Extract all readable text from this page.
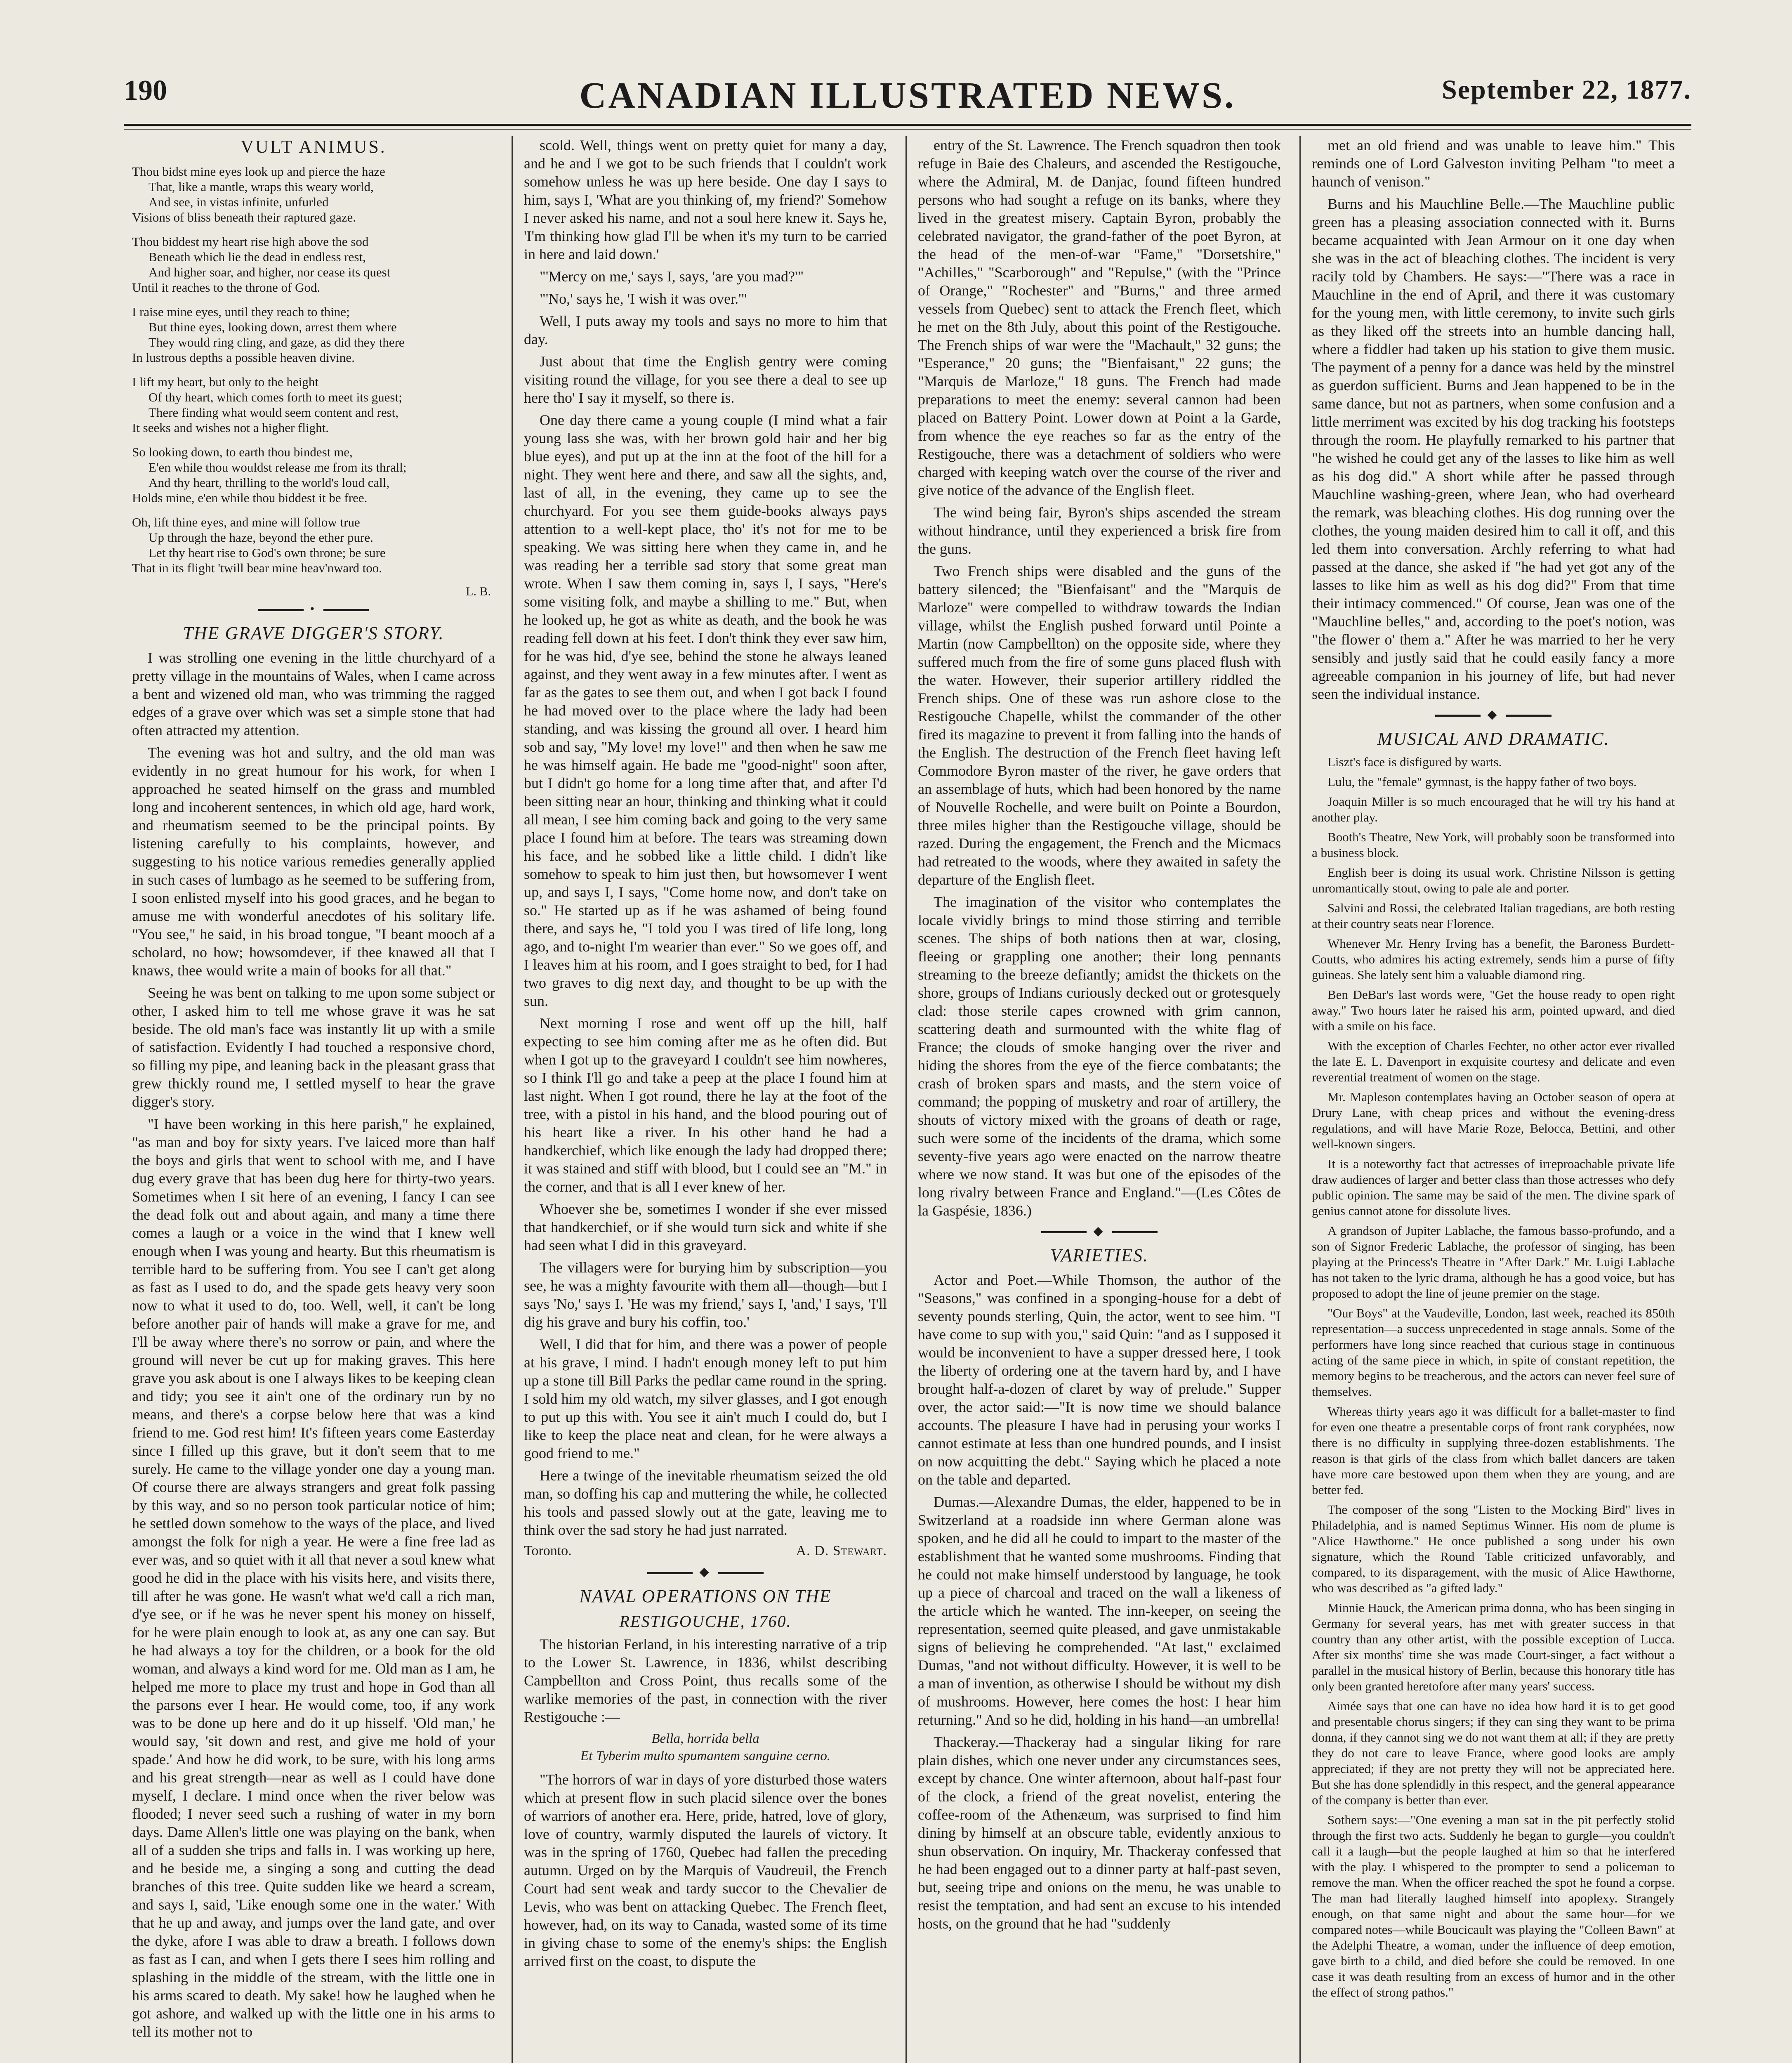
190	CANADIAN ILLUSTRATED NEWS.	September 22, 1877.
VULT ANIMUS.
Thou bidst mine eyes look up and pierce the haze
That, like a mantle, wraps this weary world,
And see, in vistas infinite, unfurled
Visions of bliss beneath their raptured gaze.
Thou biddest my heart rise high above the sod
Beneath which lie the dead in endless rest,
And higher soar, and higher, nor cease its quest
Until it reaches to the throne of God.
I raise mine eyes, until they reach to thine;
But thine eyes, looking down, arrest them where
They would ring cling, and gaze, as did they there
In lustrous depths a possible heaven divine.
I lift my heart, but only to the height
Of thy heart, which comes forth to meet its guest;
There finding what would seem content and rest,
It seeks and wishes not a higher flight.
So looking down, to earth thou bindest me,
E'en while thou wouldst release me from its thrall;
And thy heart, thrilling to the world's loud call,
Holds mine, e'en while thou biddest it be free.
Oh, lift thine eyes, and mine will follow true
Up through the haze, beyond the ether pure.
Let thy heart rise to God's own throne; be sure
That in its flight 'twill bear mine heav'nward too.
L. B.
•
THE GRAVE DIGGER'S STORY.

I was strolling one evening in the little churchyard of a pretty village in the mountains of Wales, when I came across a bent and wizened old man, who was trimming the ragged edges of a grave over which was set a simple stone that had often attracted my attention.

The evening was hot and sultry, and the old man was evidently in no great humour for his work, for when I approached he seated himself on the grass and mumbled long and incoherent sentences, in which old age, hard work, and rheumatism seemed to be the principal points. By listening carefully to his complaints, however, and suggesting to his notice various remedies generally applied in such cases of lumbago as he seemed to be suffering from, I soon enlisted myself into his good graces, and he began to amuse me with wonderful anecdotes of his solitary life. "You see," he said, in his broad tongue, "I beant mooch af a scholard, no how; howsomdever, if thee knawed all that I knaws, thee would write a main of books for all that."

Seeing he was bent on talking to me upon some subject or other, I asked him to tell me whose grave it was he sat beside. The old man's face was instantly lit up with a smile of satisfaction. Evidently I had touched a responsive chord, so filling my pipe, and leaning back in the pleasant grass that grew thickly round me, I settled myself to hear the grave digger's story.

"I have been working in this here parish," he explained, "as man and boy for sixty years. I've laiced more than half the boys and girls that went to school with me, and I have dug every grave that has been dug here for thirty-two years. Sometimes when I sit here of an evening, I fancy I can see the dead folk out and about again, and many a time there comes a laugh or a voice in the wind that I knew well enough when I was young and hearty. But this rheumatism is terrible hard to be suffering from. You see I can't get along as fast as I used to do, and the spade gets heavy very soon now to what it used to do, too. Well, well, it can't be long before another pair of hands will make a grave for me, and I'll be away where there's no sorrow or pain, and where the ground will never be cut up for making graves. This here grave you ask about is one I always likes to be keeping clean and tidy; you see it ain't one of the ordinary run by no means, and there's a corpse below here that was a kind friend to me. God rest him! It's fifteen years come Easterday since I filled up this grave, but it don't seem that to me surely. He came to the village yonder one day a young man. Of course there are always strangers and great folk passing by this way, and so no person took particular notice of him; he settled down somehow to the ways of the place, and lived amongst the folk for nigh a year. He were a fine free lad as ever was, and so quiet with it all that never a soul knew what good he did in the place with his visits here, and visits there, till after he was gone. He wasn't what we'd call a rich man, d'ye see, or if he was he never spent his money on hisself, for he were plain enough to look at, as any one can say. But he had always a toy for the children, or a book for the old woman, and always a kind word for me. Old man as I am, he helped me more to place my trust and hope in God than all the parsons ever I hear. He would come, too, if any work was to be done up here and do it up hisself. 'Old man,' he would say, 'sit down and rest, and give me hold of your spade.' And how he did work, to be sure, with his long arms and his great strength—near as well as I could have done myself, I declare. I mind once when the river below was flooded; I never seed such a rushing of water in my born days. Dame Allen's little one was playing on the bank, when all of a sudden she trips and falls in. I was working up here, and he beside me, a singing a song and cutting the dead branches of this tree. Quite sudden like we heard a scream, and says I, said, 'Like enough some one in the water.' With that he up and away, and jumps over the land gate, and over the dyke, afore I was able to draw a breath. I follows down as fast as I can, and when I gets there I sees him rolling and splashing in the middle of the stream, with the little one in his arms scared to death. My sake! how he laughed when he got ashore, and walked up with the little one in his arms to tell its mother not to

scold. Well, things went on pretty quiet for many a day, and he and I we got to be such friends that I couldn't work somehow unless he was up here beside. One day I says to him, says I, 'What are you thinking of, my friend?' Somehow I never asked his name, and not a soul here knew it. Says he, 'I'm thinking how glad I'll be when it's my turn to be carried in here and laid down.'

"'Mercy on me,' says I, says, 'are you mad?'"

"'No,' says he, 'I wish it was over.'"

Well, I puts away my tools and says no more to him that day.

Just about that time the English gentry were coming visiting round the village, for you see there a deal to see up here tho' I say it myself, so there is.

One day there came a young couple (I mind what a fair young lass she was, with her brown gold hair and her big blue eyes), and put up at the inn at the foot of the hill for a night. They went here and there, and saw all the sights, and, last of all, in the evening, they came up to see the churchyard. For you see them guide-books always pays attention to a well-kept place, tho' it's not for me to be speaking. We was sitting here when they came in, and he was reading her a terrible sad story that some great man wrote. When I saw them coming in, says I, I says, "Here's some visiting folk, and maybe a shilling to me." But, when he looked up, he got as white as death, and the book he was reading fell down at his feet. I don't think they ever saw him, for he was hid, d'ye see, behind the stone he always leaned against, and they went away in a few minutes after. I went as far as the gates to see them out, and when I got back I found he had moved over to the place where the lady had been standing, and was kissing the ground all over. I heard him sob and say, "My love! my love!" and then when he saw me he was himself again. He bade me "good-night" soon after, but I didn't go home for a long time after that, and after I'd been sitting near an hour, thinking and thinking what it could all mean, I see him coming back and going to the very same place I found him at before. The tears was streaming down his face, and he sobbed like a little child. I didn't like somehow to speak to him just then, but howsomever I went up, and says I, I says, "Come home now, and don't take on so." He started up as if he was ashamed of being found there, and says he, "I told you I was tired of life long, long ago, and to-night I'm wearier than ever." So we goes off, and I leaves him at his room, and I goes straight to bed, for I had two graves to dig next day, and thought to be up with the sun.

Next morning I rose and went off up the hill, half expecting to see him coming after me as he often did. But when I got up to the graveyard I couldn't see him nowheres, so I think I'll go and take a peep at the place I found him at last night. When I got round, there he lay at the foot of the tree, with a pistol in his hand, and the blood pouring out of his heart like a river. In his other hand he had a handkerchief, which like enough the lady had dropped there; it was stained and stiff with blood, but I could see an "M." in the corner, and that is all I ever knew of her.

Whoever she be, sometimes I wonder if she ever missed that handkerchief, or if she would turn sick and white if she had seen what I did in this graveyard.

The villagers were for burying him by subscription—you see, he was a mighty favourite with them all—though—but I says 'No,' says I. 'He was my friend,' says I, 'and,' I says, 'I'll dig his grave and bury his coffin, too.'

Well, I did that for him, and there was a power of people at his grave, I mind. I hadn't enough money left to put him up a stone till Bill Parks the pedlar came round in the spring. I sold him my old watch, my silver glasses, and I got enough to put up this with. You see it ain't much I could do, but I like to keep the place neat and clean, for he were always a good friend to me."

Here a twinge of the inevitable rheumatism seized the old man, so doffing his cap and muttering the while, he collected his tools and passed slowly out at the gate, leaving me to think over the sad story he had just narrated.

Toronto.	A. D. Stewart.
◆
NAVAL OPERATIONS ON THE
RESTIGOUCHE, 1760.

The historian Ferland, in his interesting narrative of a trip to the Lower St. Lawrence, in 1836, whilst describing Campbellton and Cross Point, thus recalls some of the warlike memories of the past, in connection with the river Restigouche :—

Bella, horrida bella
Et Tyberim multo spumantem sanguine cerno.

"The horrors of war in days of yore disturbed those waters which at present flow in such placid silence over the bones of warriors of another era. Here, pride, hatred, love of glory, love of country, warmly disputed the laurels of victory. It was in the spring of 1760, Quebec had fallen the preceding autumn. Urged on by the Marquis of Vaudreuil, the French Court had sent weak and tardy succor to the Chevalier de Levis, who was bent on attacking Quebec. The French fleet, however, had, on its way to Canada, wasted some of its time in giving chase to some of the enemy's ships: the English arrived first on the coast, to dispute the

entry of the St. Lawrence. The French squadron then took refuge in Baie des Chaleurs, and ascended the Restigouche, where the Admiral, M. de Danjac, found fifteen hundred persons who had sought a refuge on its banks, where they lived in the greatest misery. Captain Byron, probably the celebrated navigator, the grand-father of the poet Byron, at the head of the men-of-war "Fame," "Dorsetshire," "Achilles," "Scarborough" and "Repulse," (with the "Prince of Orange," "Rochester" and "Burns," and three armed vessels from Quebec) sent to attack the French fleet, which he met on the 8th July, about this point of the Restigouche. The French ships of war were the "Machault," 32 guns; the "Esperance," 20 guns; the "Bienfaisant," 22 guns; the "Marquis de Marloze," 18 guns. The French had made preparations to meet the enemy: several cannon had been placed on Battery Point. Lower down at Point a la Garde, from whence the eye reaches so far as the entry of the Restigouche, there was a detachment of soldiers who were charged with keeping watch over the course of the river and give notice of the advance of the English fleet.

The wind being fair, Byron's ships ascended the stream without hindrance, until they experienced a brisk fire from the guns.

Two French ships were disabled and the guns of the battery silenced; the "Bienfaisant" and the "Marquis de Marloze" were compelled to withdraw towards the Indian village, whilst the English pushed forward until Pointe a Martin (now Campbellton) on the opposite side, where they suffered much from the fire of some guns placed flush with the water. However, their superior artillery riddled the French ships. One of these was run ashore close to the Restigouche Chapelle, whilst the commander of the other fired its magazine to prevent it from falling into the hands of the English. The destruction of the French fleet having left Commodore Byron master of the river, he gave orders that an assemblage of huts, which had been honored by the name of Nouvelle Rochelle, and were built on Pointe a Bourdon, three miles higher than the Restigouche village, should be razed. During the engagement, the French and the Micmacs had retreated to the woods, where they awaited in safety the departure of the English fleet.

The imagination of the visitor who contemplates the locale vividly brings to mind those stirring and terrible scenes. The ships of both nations then at war, closing, fleeing or grappling one another; their long pennants streaming to the breeze defiantly; amidst the thickets on the shore, groups of Indians curiously decked out or grotesquely clad: those sterile capes crowned with grim cannon, scattering death and surmounted with the white flag of France; the clouds of smoke hanging over the river and hiding the shores from the eye of the fierce combatants; the crash of broken spars and masts, and the stern voice of command; the popping of musketry and roar of artillery, the shouts of victory mixed with the groans of death or rage, such were some of the incidents of the drama, which some seventy-five years ago were enacted on the narrow theatre where we now stand. It was but one of the episodes of the long rivalry between France and England."—(Les Côtes de la Gaspésie, 1836.)

◆
VARIETIES.

Actor and Poet.—While Thomson, the author of the "Seasons," was confined in a sponging-house for a debt of seventy pounds sterling, Quin, the actor, went to see him. "I have come to sup with you," said Quin: "and as I supposed it would be inconvenient to have a supper dressed here, I took the liberty of ordering one at the tavern hard by, and I have brought half-a-dozen of claret by way of prelude." Supper over, the actor said:—"It is now time we should balance accounts. The pleasure I have had in perusing your works I cannot estimate at less than one hundred pounds, and I insist on now acquitting the debt." Saying which he placed a note on the table and departed.

Dumas.—Alexandre Dumas, the elder, happened to be in Switzerland at a roadside inn where German alone was spoken, and he did all he could to impart to the master of the establishment that he wanted some mushrooms. Finding that he could not make himself understood by language, he took up a piece of charcoal and traced on the wall a likeness of the article which he wanted. The inn-keeper, on seeing the representation, seemed quite pleased, and gave unmistakable signs of believing he comprehended. "At last," exclaimed Dumas, "and not without difficulty. However, it is well to be a man of invention, as otherwise I should be without my dish of mushrooms. However, here comes the host: I hear him returning." And so he did, holding in his hand—an umbrella!

Thackeray.—Thackeray had a singular liking for rare plain dishes, which one never under any circumstances sees, except by chance. One winter afternoon, about half-past four of the clock, a friend of the great novelist, entering the coffee-room of the Athenæum, was surprised to find him dining by himself at an obscure table, evidently anxious to shun observation. On inquiry, Mr. Thackeray confessed that he had been engaged out to a dinner party at half-past seven, but, seeing tripe and onions on the menu, he was unable to resist the temptation, and had sent an excuse to his intended hosts, on the ground that he had "suddenly

met an old friend and was unable to leave him." This reminds one of Lord Galveston inviting Pelham "to meet a haunch of venison."

Burns and his Mauchline Belle.—The Mauchline public green has a pleasing association connected with it. Burns became acquainted with Jean Armour on it one day when she was in the act of bleaching clothes. The incident is very racily told by Chambers. He says:—"There was a race in Mauchline in the end of April, and there it was customary for the young men, with little ceremony, to invite such girls as they liked off the streets into an humble dancing hall, where a fiddler had taken up his station to give them music. The payment of a penny for a dance was held by the minstrel as guerdon sufficient. Burns and Jean happened to be in the same dance, but not as partners, when some confusion and a little merriment was excited by his dog tracking his footsteps through the room. He playfully remarked to his partner that "he wished he could get any of the lasses to like him as well as his dog did." A short while after he passed through Mauchline washing-green, where Jean, who had overheard the remark, was bleaching clothes. His dog running over the clothes, the young maiden desired him to call it off, and this led them into conversation. Archly referring to what had passed at the dance, she asked if "he had yet got any of the lasses to like him as well as his dog did?" From that time their intimacy commenced." Of course, Jean was one of the "Mauchline belles," and, according to the poet's notion, was "the flower o' them a." After he was married to her he very sensibly and justly said that he could easily fancy a more agreeable companion in his journey of life, but had never seen the individual instance.

◆
MUSICAL AND DRAMATIC.

Liszt's face is disfigured by warts.

Lulu, the "female" gymnast, is the happy father of two boys.

Joaquin Miller is so much encouraged that he will try his hand at another play.

Booth's Theatre, New York, will probably soon be transformed into a business block.

English beer is doing its usual work. Christine Nilsson is getting unromantically stout, owing to pale ale and porter.

Salvini and Rossi, the celebrated Italian tragedians, are both resting at their country seats near Florence.

Whenever Mr. Henry Irving has a benefit, the Baroness Burdett-Coutts, who admires his acting extremely, sends him a purse of fifty guineas. She lately sent him a valuable diamond ring.

Ben DeBar's last words were, "Get the house ready to open right away." Two hours later he raised his arm, pointed upward, and died with a smile on his face.

With the exception of Charles Fechter, no other actor ever rivalled the late E. L. Davenport in exquisite courtesy and delicate and even reverential treatment of women on the stage.

Mr. Mapleson contemplates having an October season of opera at Drury Lane, with cheap prices and without the evening-dress regulations, and will have Marie Roze, Belocca, Bettini, and other well-known singers.

It is a noteworthy fact that actresses of irreproachable private life draw audiences of larger and better class than those actresses who defy public opinion. The same may be said of the men. The divine spark of genius cannot atone for dissolute lives.

A grandson of Jupiter Lablache, the famous basso-profundo, and a son of Signor Frederic Lablache, the professor of singing, has been playing at the Princess's Theatre in "After Dark." Mr. Luigi Lablache has not taken to the lyric drama, although he has a good voice, but has proposed to adopt the line of jeune premier on the stage.

"Our Boys" at the Vaudeville, London, last week, reached its 850th representation—a success unprecedented in stage annals. Some of the performers have long since reached that curious stage in continuous acting of the same piece in which, in spite of constant repetition, the memory begins to be treacherous, and the actors can never feel sure of themselves.

Whereas thirty years ago it was difficult for a ballet-master to find for even one theatre a presentable corps of front rank coryphées, now there is no difficulty in supplying three-dozen establishments. The reason is that girls of the class from which ballet dancers are taken have more care bestowed upon them when they are young, and are better fed.

The composer of the song "Listen to the Mocking Bird" lives in Philadelphia, and is named Septimus Winner. His nom de plume is "Alice Hawthorne." He once published a song under his own signature, which the Round Table criticized unfavorably, and compared, to its disparagement, with the music of Alice Hawthorne, who was described as "a gifted lady."

Minnie Hauck, the American prima donna, who has been singing in Germany for several years, has met with greater success in that country than any other artist, with the possible exception of Lucca. After six months' time she was made Court-singer, a fact without a parallel in the musical history of Berlin, because this honorary title has only been granted heretofore after many years' success.

Aimée says that one can have no idea how hard it is to get good and presentable chorus singers; if they can sing they want to be prima donna, if they cannot sing we do not want them at all; if they are pretty they do not care to leave France, where good looks are amply appreciated; if they are not pretty they will not be appreciated here. But she has done splendidly in this respect, and the general appearance of the company is better than ever.

Sothern says:—"One evening a man sat in the pit perfectly stolid through the first two acts. Suddenly he began to gurgle—you couldn't call it a laugh—but the people laughed at him so that he interfered with the play. I whispered to the prompter to send a policeman to remove the man. When the officer reached the spot he found a corpse. The man had literally laughed himself into apoplexy. Strangely enough, on that same night and about the same hour—for we compared notes—while Boucicault was playing the "Colleen Bawn" at the Adelphi Theatre, a woman, under the influence of deep emotion, gave birth to a child, and died before she could be removed. In one case it was death resulting from an excess of humor and in the other the effect of strong pathos."
